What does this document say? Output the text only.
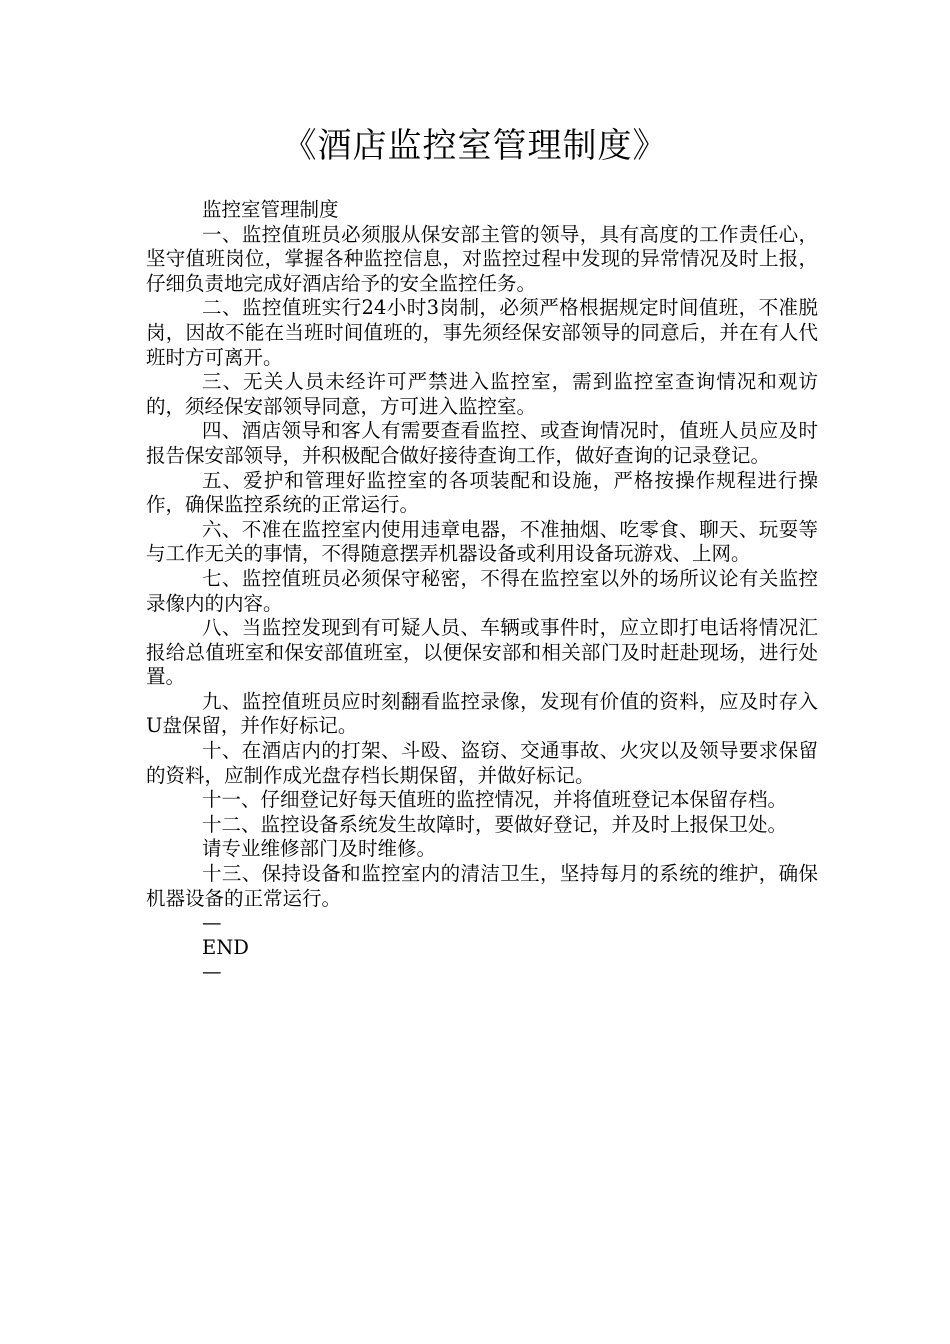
《酒店监控室管理制度》

监控室管理制度

一、监控值班员必须服从保安部主管的领导，具有高度的工作责任心，坚守值班岗位，掌握各种监控信息，对监控过程中发现的异常情况及时上报，仔细负责地完成好酒店给予的安全监控任务。

二、监控值班实行24小时3岗制，必须严格根据规定时间值班，不准脱岗，因故不能在当班时间值班的，事先须经保安部领导的同意后，并在有人代班时方可离开。

三、无关人员未经许可严禁进入监控室，需到监控室查询情况和观访的，须经保安部领导同意，方可进入监控室。

四、酒店领导和客人有需要查看监控、或查询情况时，值班人员应及时报告保安部领导，并积极配合做好接待查询工作，做好查询的记录登记。

五、爱护和管理好监控室的各项装配和设施，严格按操作规程进行操作，确保监控系统的正常运行。

六、不准在监控室内使用违章电器，不准抽烟、吃零食、聊天、玩耍等与工作无关的事情，不得随意摆弄机器设备或利用设备玩游戏、上网。

七、监控值班员必须保守秘密，不得在监控室以外的场所议论有关监控录像内的内容。

八、当监控发现到有可疑人员、车辆或事件时，应立即打电话将情况汇报给总值班室和保安部值班室，以便保安部和相关部门及时赶赴现场，进行处置。

九、监控值班员应时刻翻看监控录像，发现有价值的资料，应及时存入U盘保留，并作好标记。

十、在酒店内的打架、斗殴、盗窃、交通事故、火灾以及领导要求保留的资料，应制作成光盘存档长期保留，并做好标记。

十一、仔细登记好每天值班的监控情况，并将值班登记本保留存档。

十二、监控设备系统发生故障时，要做好登记，并及时上报保卫处。

请专业维修部门及时维修。

十三、保持设备和监控室内的清洁卫生，坚持每月的系统的维护，确保机器设备的正常运行。

—

END

—
